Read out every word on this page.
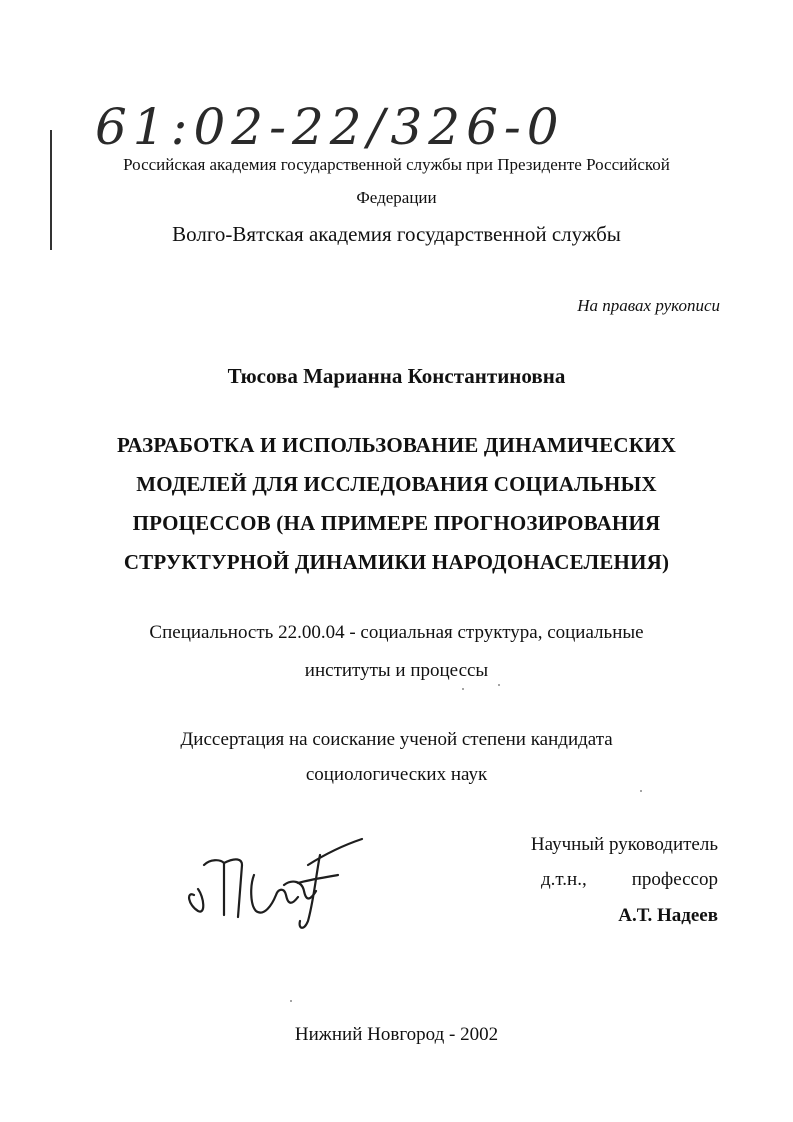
61:02-22/326-0
Российская академия государственной службы при Президенте Российской
Федерации
Волго-Вятская академия государственной службы
На правах рукописи
Тюсова Марианна Константиновна
РАЗРАБОТКА И ИСПОЛЬЗОВАНИЕ ДИНАМИЧЕСКИХ
МОДЕЛЕЙ ДЛЯ ИССЛЕДОВАНИЯ СОЦИАЛЬНЫХ
ПРОЦЕССОВ (НА ПРИМЕРЕ ПРОГНОЗИРОВАНИЯ
СТРУКТУРНОЙ ДИНАМИКИ НАРОДОНАСЕЛЕНИЯ)
Специальность 22.00.04 - социальная структура, социальные
институты и процессы
Диссертация на соискание ученой степени кандидата
социологических наук
Научный руководитель
д.т.н., профессор
А.Т. Надеев
Нижний Новгород - 2002
